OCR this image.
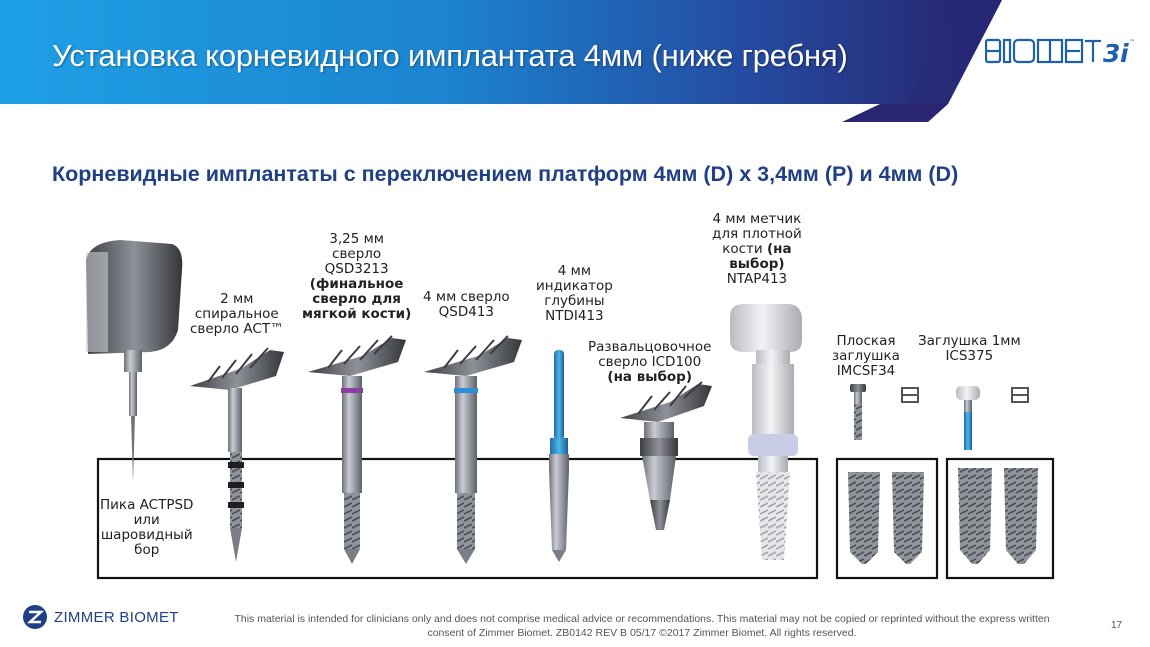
Установка корневидного имплантата 4мм (ниже гребня)	3 i ™
Корневидные имплантаты с переключением платформ 4мм (D) x 3,4мм (P) и 4мм (D)
Пика ACTPSD
или
шаровидный
бор
2 мм
спиральное
сверло ACT™
3,25 мм
сверло
QSD3213
(финальное
сверло для
мягкой кости)
4 мм сверло
QSD413
4 мм
индикатор
глубины
NTDI413
Развальцовочное
сверло ICD100
(на выбор)
4 мм метчик
для плотной
кости (на
выбор)
NTAP413
Плоская
заглушка
IMCSF34
Заглушка 1мм
ICS375
ZIMMER BIOMET	This material is intended for clinicians only and does not comprise medical advice or recommendations. This material may not be copied or reprinted without the express written consent of Zimmer Biomet. ZB0142 REV B 05/17 ©2017 Zimmer Biomet. All rights reserved.
17
